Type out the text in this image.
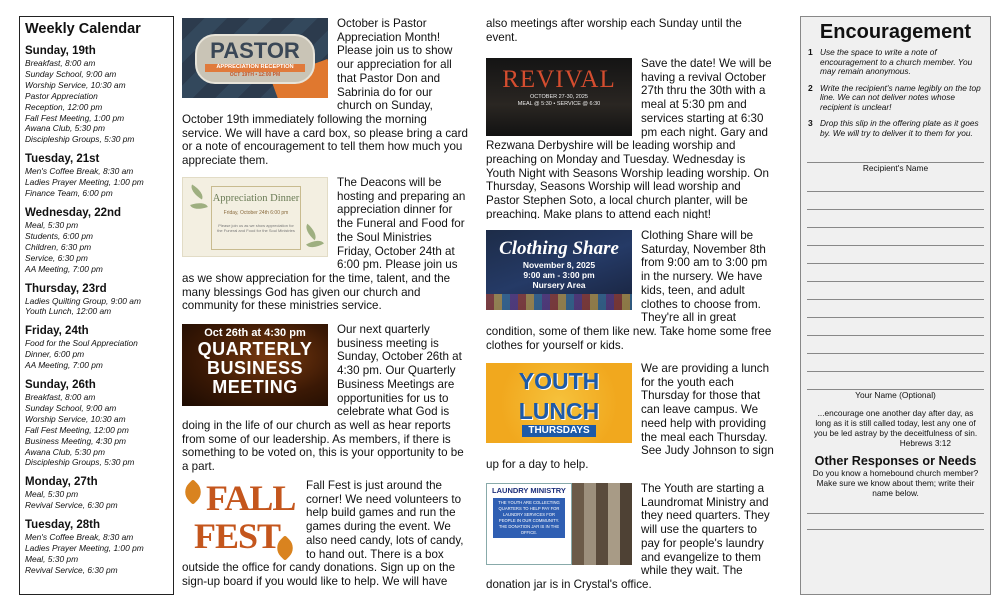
Weekly Calendar
Sunday, 19th
Breakfast, 8:00 am
Sunday School, 9:00 am
Worship Service, 10:30 am
Pastor Appreciation
Reception, 12:00 pm
Fall Fest Meeting, 1:00 pm
Awana Club, 5:30 pm
Discipleship Groups, 5:30 pm
Tuesday, 21st
Men's Coffee Break, 8:30 am
Ladies Prayer Meeting, 1:00 pm
Finance Team, 6:00 pm
Wednesday, 22nd
Meal, 5:30 pm
Students, 6:00 pm
Children, 6:30 pm
Service, 6:30 pm
AA Meeting, 7:00 pm
Thursday, 23rd
Ladies Quilting Group, 9:00 am
Youth Lunch, 12:00 am
Friday, 24th
Food for the Soul Appreciation
Dinner, 6:00 pm
AA Meeting, 7:00 pm
Sunday, 26th
Breakfast, 8:00 am
Sunday School, 9:00 am
Worship Service, 10:30 am
Fall Fest Meeting, 12:00 pm
Business Meeting, 4:30 pm
Awana Club, 5:30 pm
Discipleship Groups, 5:30 pm
Monday, 27th
Meal, 5:30 pm
Revival Service, 6:30 pm
Tuesday, 28th
Men's Coffee Break, 8:30 am
Ladies Prayer Meeting, 1:00 pm
Meal, 5:30 pm
Revival Service, 6:30 pm
PASTOR
APPRECIATION RECEPTION
OCT 19TH • 12:00 PM

October is Pastor Appreciation Month! Please join us to show our appreciation for all that Pastor Don and Sabrinia do for our church on Sunday, October 19th immediately following the morning service. We will have a card box, so please bring a card or a note of encouragement to tell them how much you appreciate them.

Appreciation Dinner
Friday, October 24th 6:00 pm
Please join us as we show appreciation for the Funeral and Food for the Soul Ministries

The Deacons will be hosting and preparing an appreciation dinner for the Funeral and Food for the Soul Ministries Friday, October 24th at 6:00 pm. Please join us as we show appreciation for the time, talent, and the many blessings God has given our church and community for these ministries service.

Oct 26th at 4:30 pm
QUARTERLY
BUSINESS
MEETING

Our next quarterly business meeting is Sunday, October 26th at 4:30 pm. Our Quarterly Business Meetings are opportunities for us to celebrate what God is doing in the life of our church as well as hear reports from some of our leadership. As members, if there is something to be voted on, this is your opportunity to be a part.

FALL
FEST

Fall Fest is just around the corner! We need volunteers to help build games and run the games during the event. We also need candy, lots of candy, to hand out. There is a box outside the office for candy donations. Sign up on the sign-up board if you would like to help. We will have

also meetings after worship each Sunday until the event.

REVIVAL
OCTOBER 27-30, 2025
MEAL @ 5:30 • SERVICE @ 6:30

Save the date! We will be having a revival October 27th thru the 30th with a meal at 5:30 pm and services starting at 6:30 pm each night. Gary and Rezwana Derbyshire will be leading worship and preaching on Monday and Tuesday. Wednesday is Youth Night with Seasons Worship leading worship. On Thursday, Seasons Worship will lead worship and Pastor Stephen Soto, a local church planter, will be preaching. Make plans to attend each night!

Clothing Share
November 8, 2025
9:00 am - 3:00 pm
Nursery Area

Clothing Share will be Saturday, November 8th from 9:00 am to 3:00 pm in the nursery. We have kids, teen, and adult clothes to choose from. They're all in great condition, some of them like new. Take home some free clothes for yourself or kids.

YOUTH
LUNCH
THURSDAYS

We are providing a lunch for the youth each Thursday for those that can leave campus. We need help with providing the meal each Thursday. See Judy Johnson to sign up for a day to help.

LAUNDRY MINISTRY
THE YOUTH ARE COLLECTING QUARTERS TO HELP PAY FOR LAUNDRY SERVICES FOR PEOPLE IN OUR COMMUNITY. THE DONATION JAR IS IN THE OFFICE.

The Youth are starting a Laundromat Ministry and they need quarters. They will use the quarters to pay for people's laundry and evangelize to them while they wait. The donation jar is in Crystal's office.

Encouragement
1 Use the space to write a note of encouragement to a church member. You may remain anonymous.
2 Write the recipient's name legibly on the top line. We can not deliver notes whose recipient is unclear!
3 Drop this slip in the offering plate as it goes by. We will try to deliver it to them for you.
Recipient's Name
Your Name (Optional)
...encourage one another day after day, as long as it is still called today, lest any one of you be led astray by the deceitfulness of sin.
Hebrews 3:12
Other Responses or Needs
Do you know a homebound church member? Make sure we know about them; write their name below.
